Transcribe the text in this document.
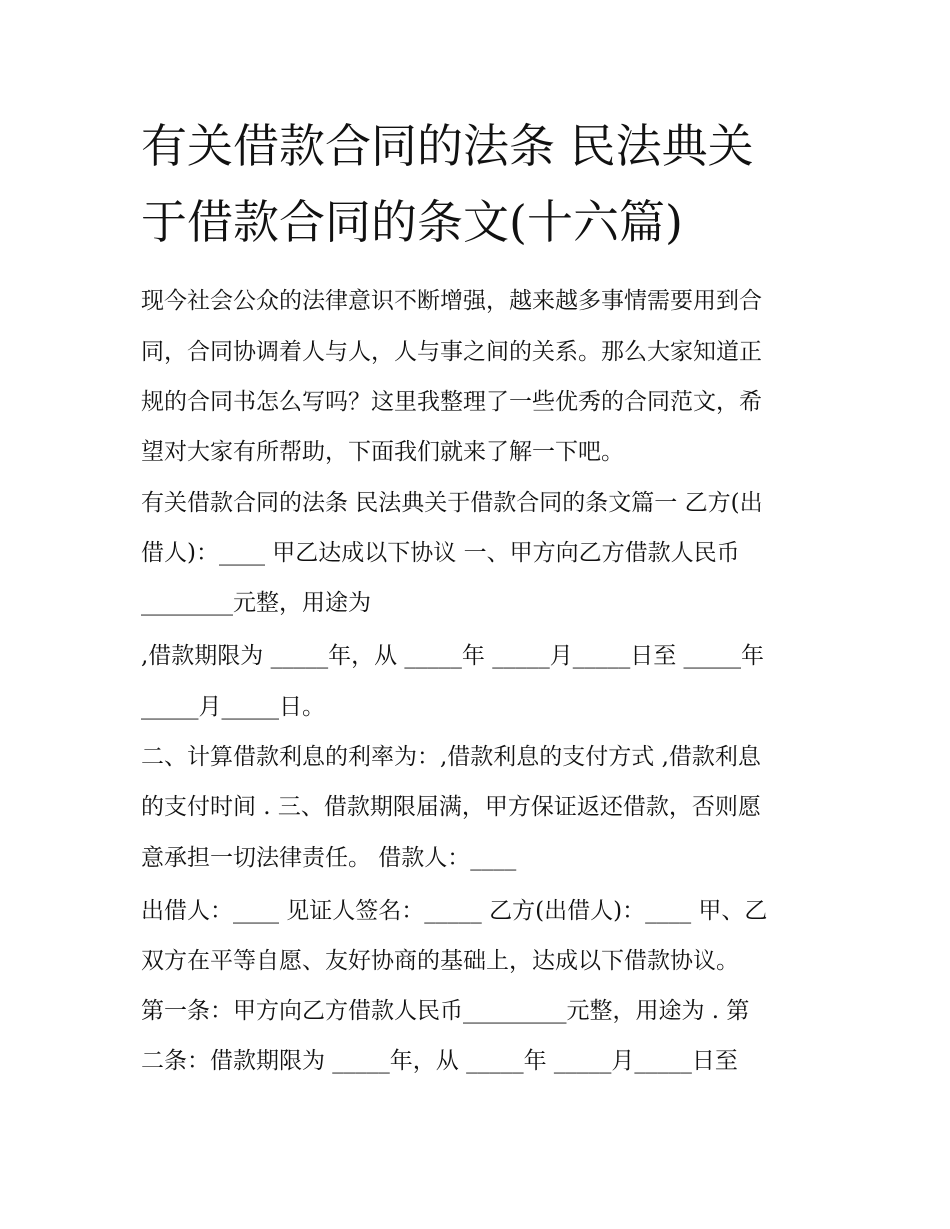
有关借款合同的法条 民法典关
于借款合同的条文(十六篇)
现今社会公众的法律意识不断增强，越来越多事情需要用到合
同，合同协调着人与人，人与事之间的关系。那么大家知道正
规的合同书怎么写吗？这里我整理了一些优秀的合同范文，希
望对大家有所帮助，下面我们就来了解一下吧。
有关借款合同的法条 民法典关于借款合同的条文篇一 乙方(出
借人)：____ 甲乙达成以下协议 一、甲方向乙方借款人民币
________元整，用途为
,借款期限为 _____年，从 _____年 _____月_____日至 _____年
_____月_____日。
二、计算借款利息的利率为：,借款利息的支付方式 ,借款利息
的支付时间 . 三、借款期限届满，甲方保证返还借款，否则愿
意承担一切法律责任。 借款人：____
出借人：____ 见证人签名：_____ 乙方(出借人)：____ 甲、乙
双方在平等自愿、友好协商的基础上，达成以下借款协议。
第一条：甲方向乙方借款人民币_________元整，用途为 . 第
二条：借款期限为 _____年，从 _____年 _____月_____日至
